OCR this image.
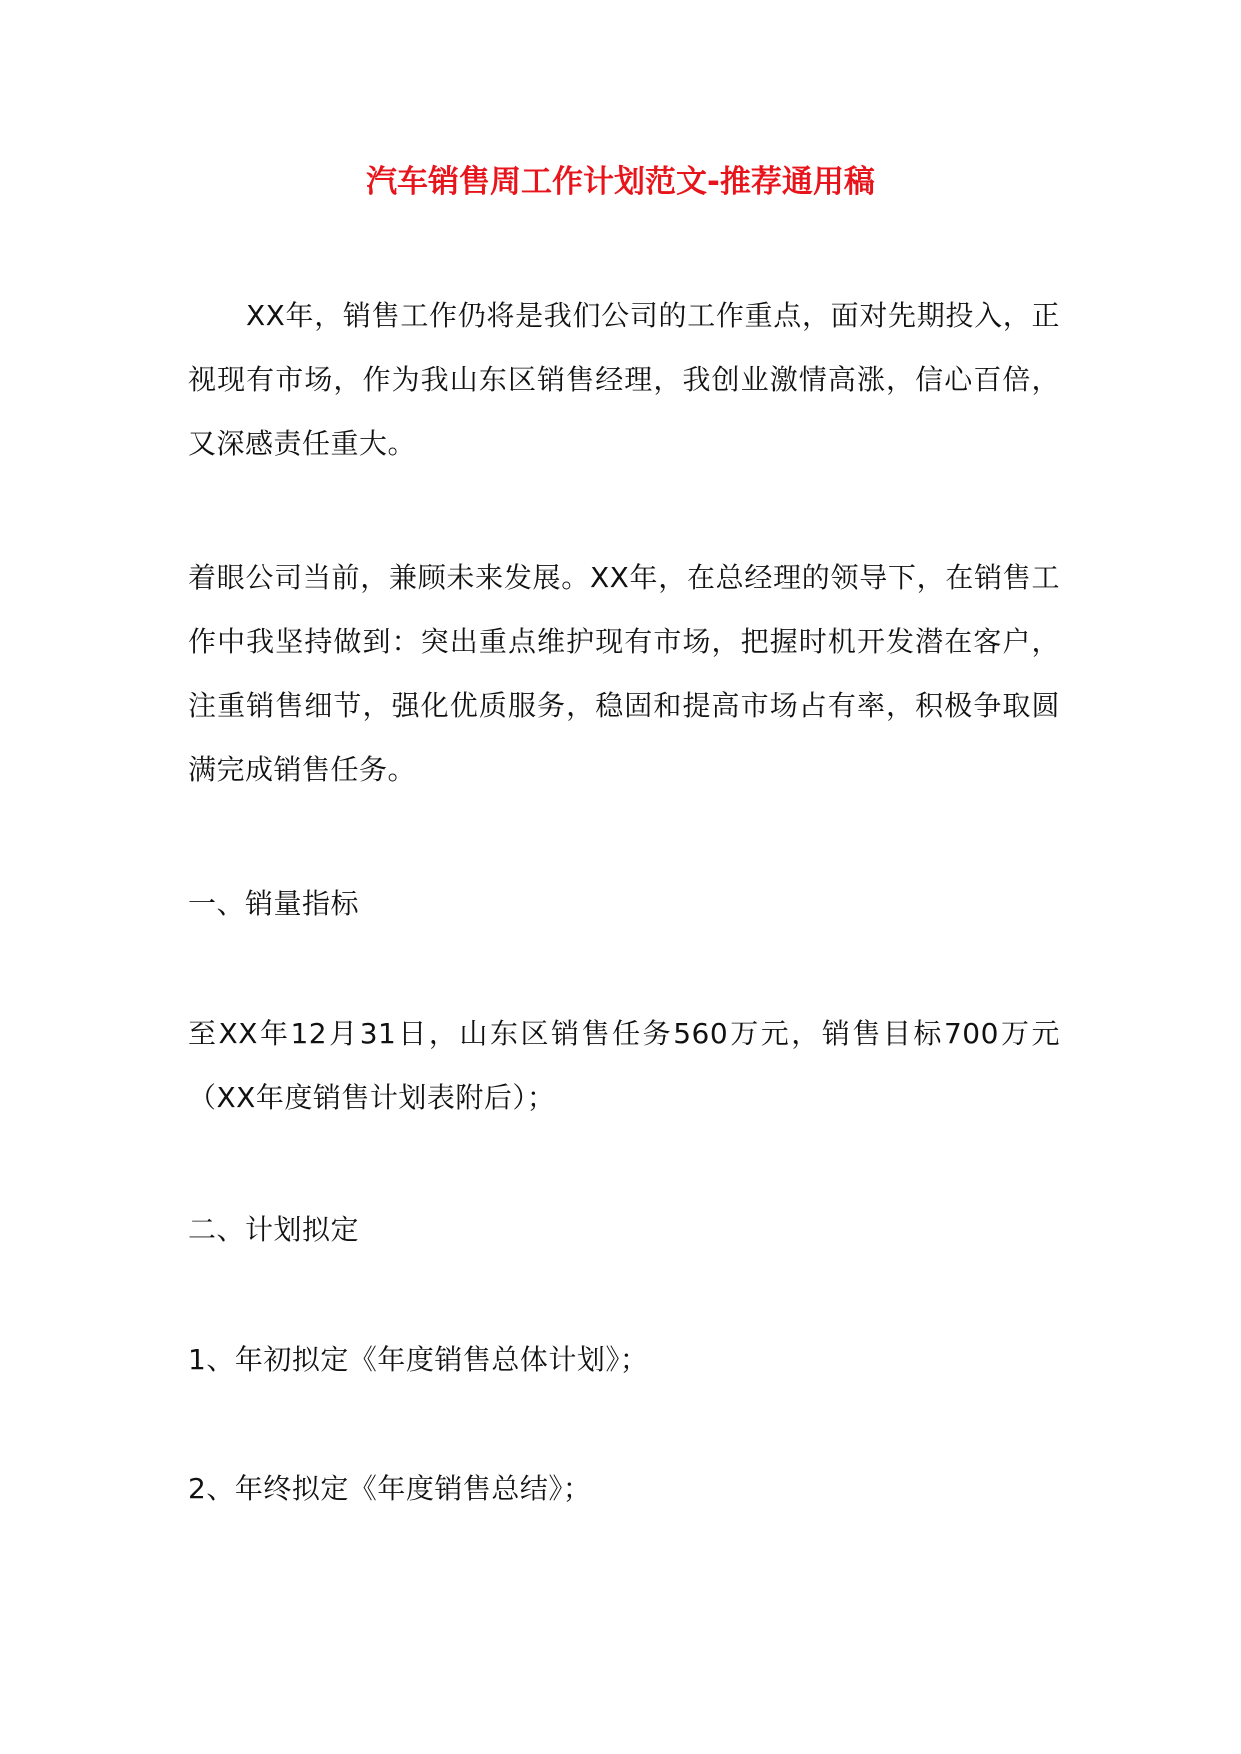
汽车销售周工作计划范文-推荐通用稿

XX年，销售工作仍将是我们公司的工作重点，面对先期投入，正视现有市场，作为我山东区销售经理，我创业激情高涨，信心百倍，又深感责任重大。

着眼公司当前，兼顾未来发展。XX年，在总经理的领导下，在销售工作中我坚持做到：突出重点维护现有市场，把握时机开发潜在客户，注重销售细节，强化优质服务，稳固和提高市场占有率，积极争取圆满完成销售任务。

一、销量指标

至XX年12月31日，山东区销售任务560万元，销售目标700万元（XX年度销售计划表附后）；

二、计划拟定

1、年初拟定《年度销售总体计划》；

2、年终拟定《年度销售总结》；
